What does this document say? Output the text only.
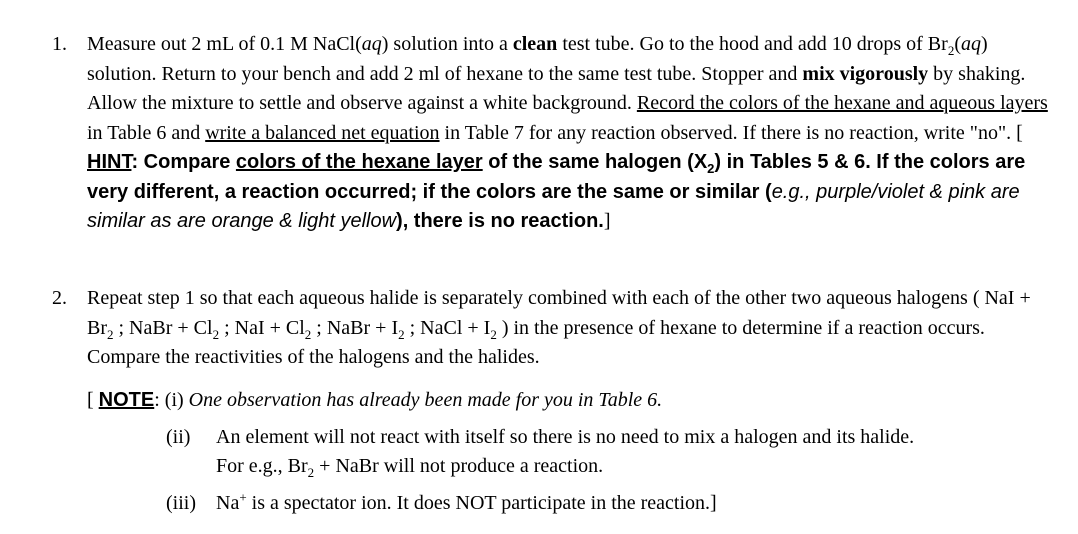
1. Measure out 2 mL of 0.1 M NaCl(aq) solution into a clean test tube. Go to the hood and add 10 drops of $Br_2(aq)$ solution. Return to your bench and add 2 ml of hexane to the same test tube. Stopper and mix vigorously by shaking. Allow the mixture to settle and observe against a white background. Record the colors of the hexane and aqueous layers in Table 6 and write a balanced net equation in Table 7 for any reaction observed. If there is no reaction, write "no". [ HINT: Compare colors of the hexane layer of the same halogen $(X_2)$ in Tables 5 & 6. If the colors are very different, a reaction occurred; if the colors are the same or similar (e.g., purple/violet & pink are similar as are orange & light yellow), there is no reaction.]
2. Repeat step 1 so that each aqueous halide is separately combined with each of the other two aqueous halogens ( NaI + $Br_2$ ; NaBr + $Cl_2$ ; NaI + $Cl_2$ ; NaBr + $I_2$ ; NaCl + $I_2$ ) in the presence of hexane to determine if a reaction occurs. Compare the reactivities of the halogens and the halides.
[ NOTE: (i) One observation has already been made for you in Table 6.
(ii) An element will not react with itself so there is no need to mix a halogen and its halide.
For e.g., $Br_2$ + NaBr will not produce a reaction.
(iii) Na+ is a spectator ion. It does NOT participate in the reaction.]
